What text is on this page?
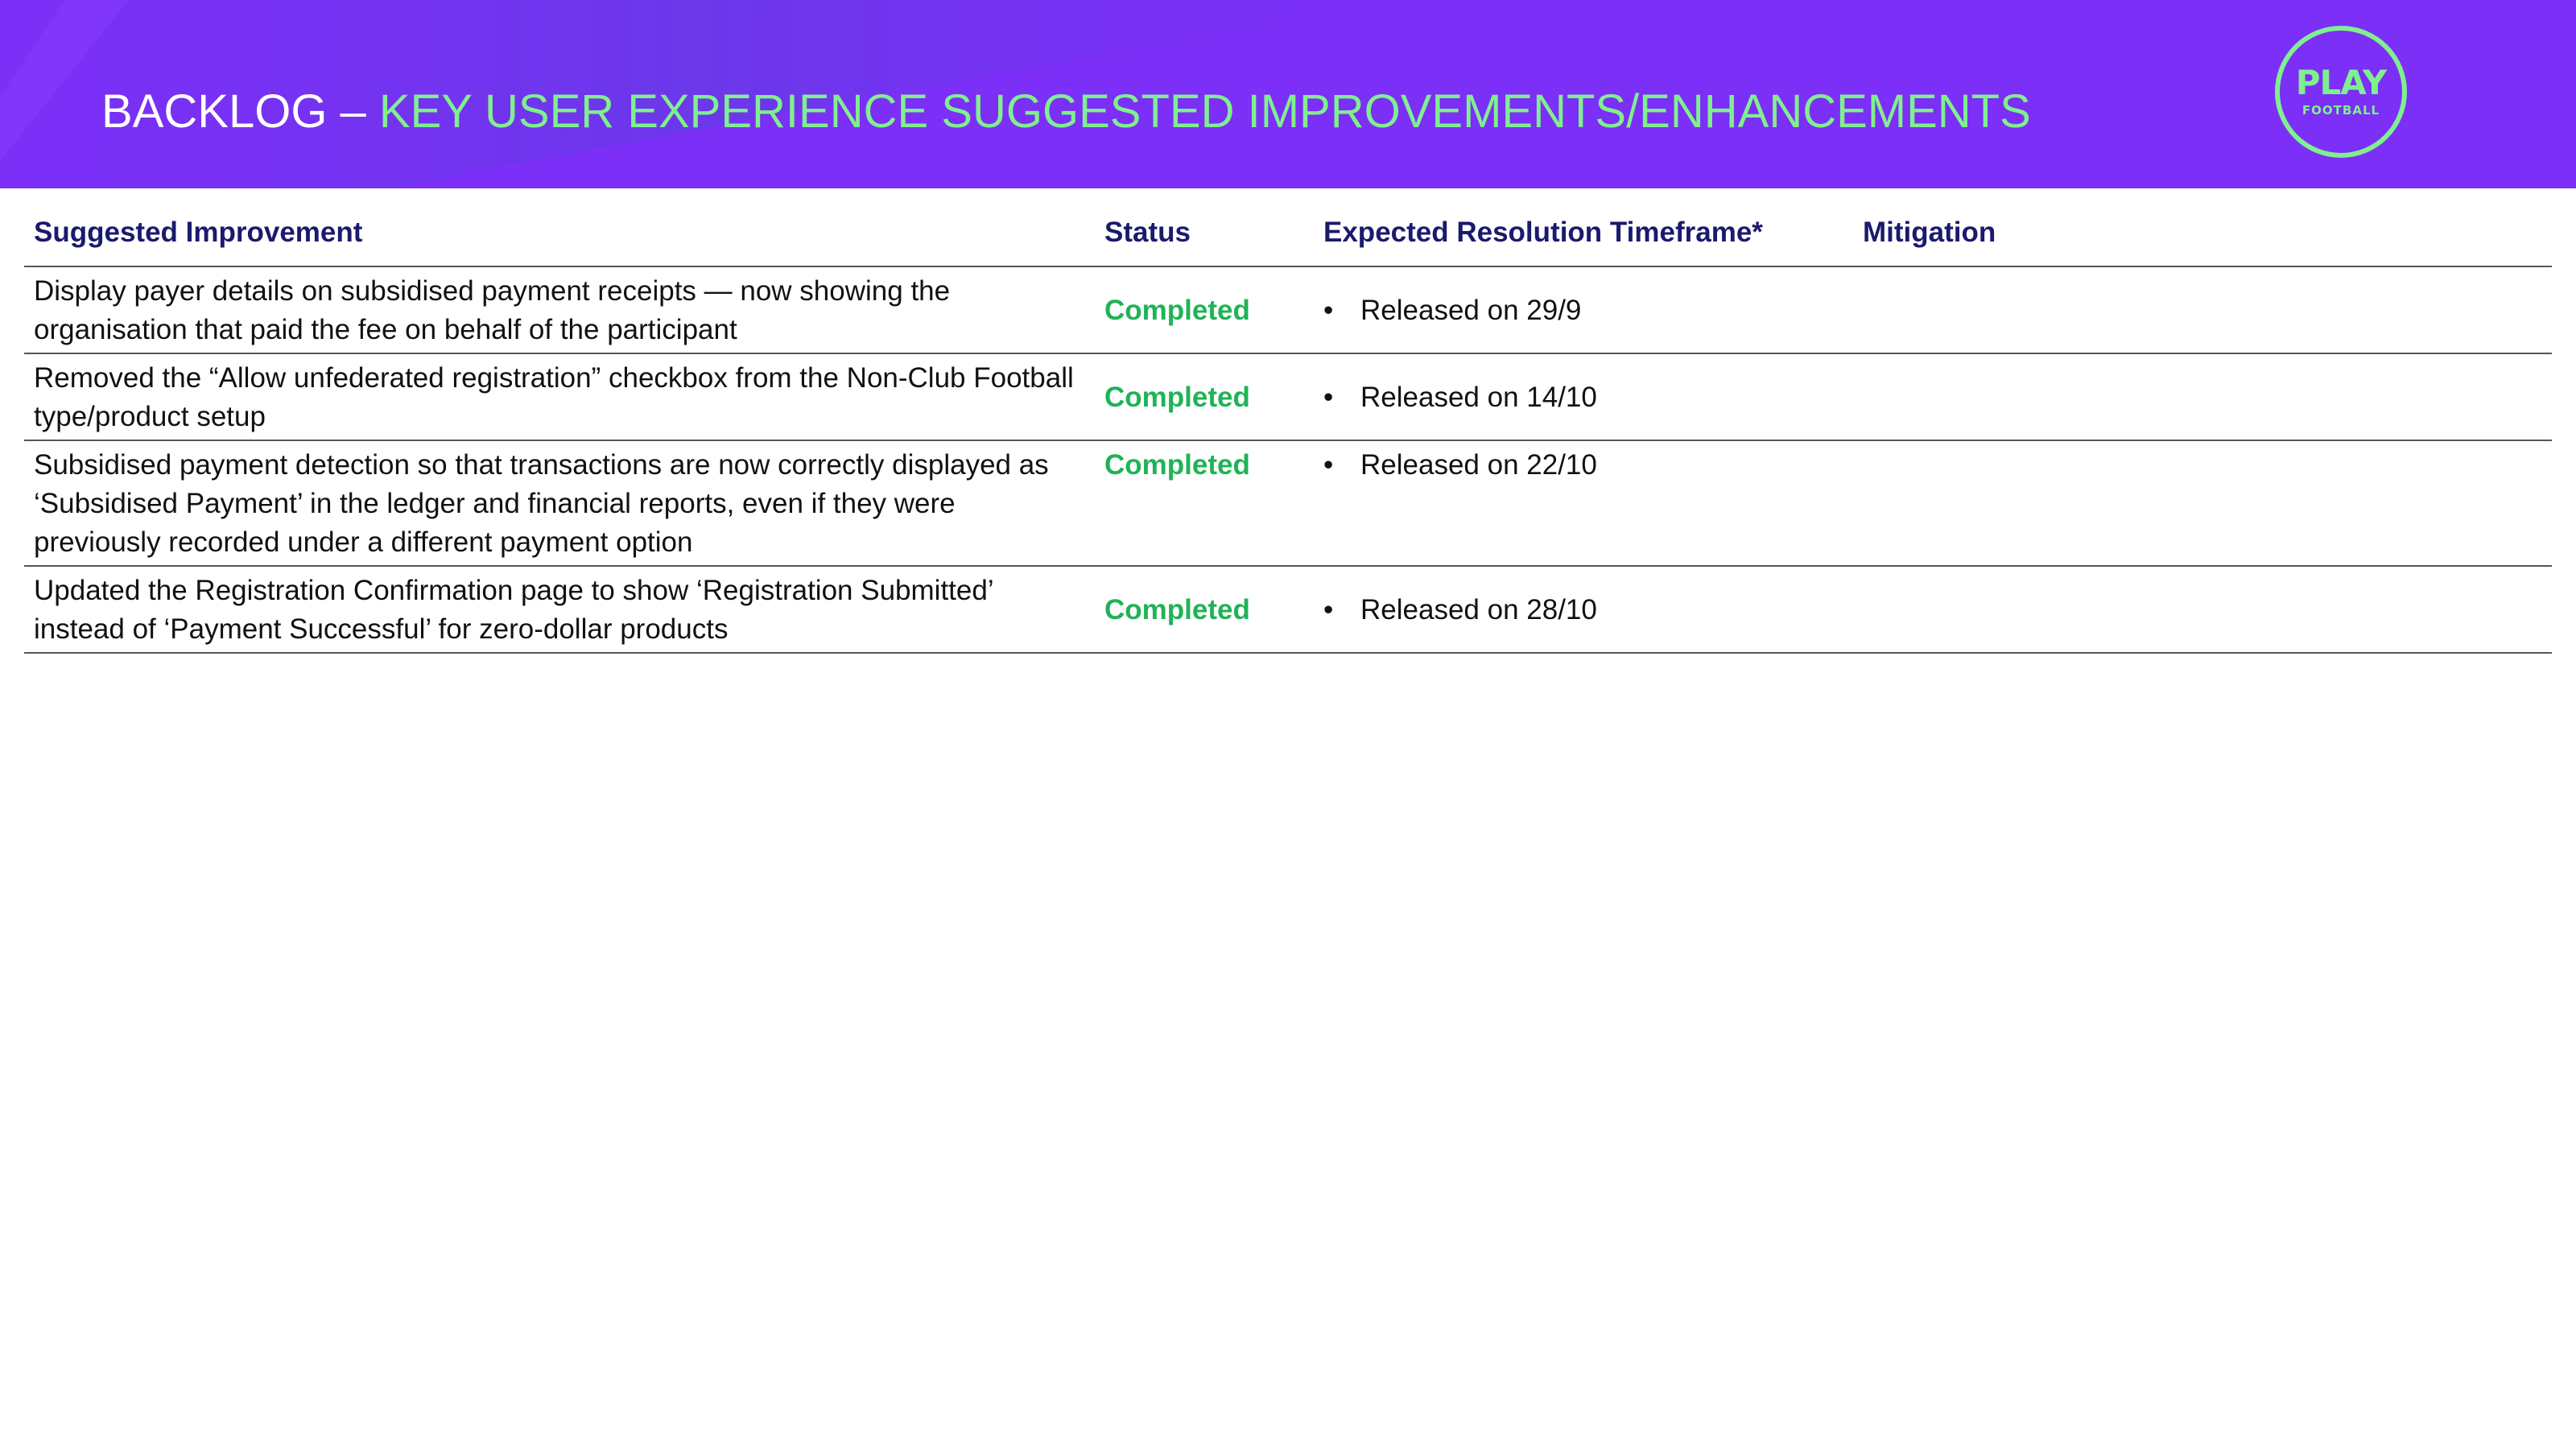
BACKLOG – KEY USER EXPERIENCE SUGGESTED IMPROVEMENTS/ENHANCEMENTS
PLAY
FOOTBALL
Suggested Improvement	Status	Expected Resolution Timeframe*	Mitigation
Display payer details on subsidised payment receipts — now showing the organisation that paid the fee on behalf of the participant	Completed	• Released on 29/9	
Removed the “Allow unfederated registration” checkbox from the Non-Club Football type/product setup	Completed	• Released on 14/10	
Subsidised payment detection so that transactions are now correctly displayed as ‘Subsidised Payment’ in the ledger and financial reports, even if they were previously recorded under a different payment option	Completed	• Released on 22/10	
Updated the Registration Confirmation page to show ‘Registration Submitted’ instead of ‘Payment Successful’ for zero-dollar products	Completed	• Released on 28/10	
